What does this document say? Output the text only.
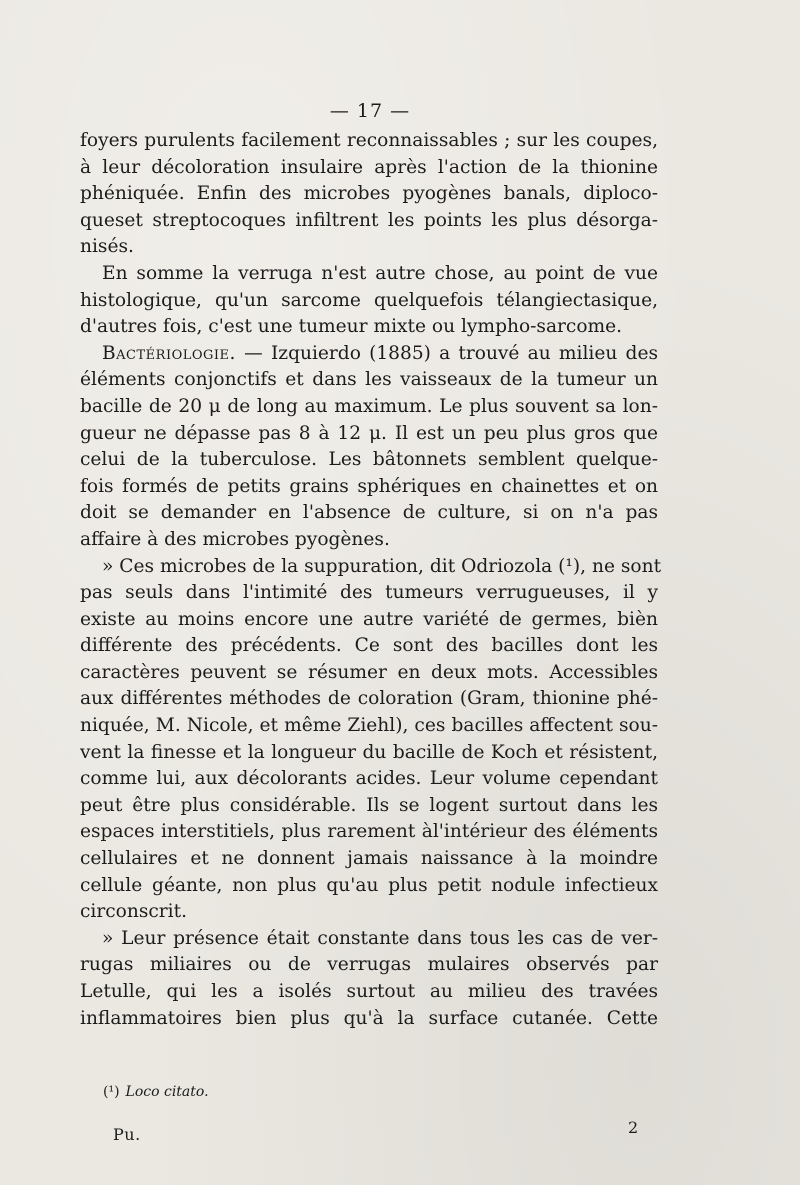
— 17 —
foyers purulents facilement reconnaissables ; sur les coupes,
à leur décoloration insulaire après l'action de la thionine
phéniquée. Enfin des microbes pyogènes banals, diploco-
queset streptocoques infiltrent les points les plus désorga-
nisés.
En somme la verruga n'est autre chose, au point de vue
histologique, qu'un sarcome quelquefois télangiectasique,
d'autres fois, c'est une tumeur mixte ou lympho-sarcome.
Bactériologie. — Izquierdo (1885) a trouvé au milieu des
éléments conjonctifs et dans les vaisseaux de la tumeur un
bacille de 20 μ de long au maximum. Le plus souvent sa lon-
gueur ne dépasse pas 8 à 12 μ. Il est un peu plus gros que
celui de la tuberculose. Les bâtonnets semblent quelque-
fois formés de petits grains sphériques en chainettes et on
doit se demander en l'absence de culture, si on n'a pas
affaire à des microbes pyogènes.
» Ces microbes de la suppuration, dit Odriozola (¹), ne sont
pas seuls dans l'intimité des tumeurs verrugueuses, il y
existe au moins encore une autre variété de germes, bièn
différente des précédents. Ce sont des bacilles dont les
caractères peuvent se résumer en deux mots. Accessibles
aux différentes méthodes de coloration (Gram, thionine phé-
niquée, M. Nicole, et même Ziehl), ces bacilles affectent sou-
vent la finesse et la longueur du bacille de Koch et résistent,
comme lui, aux décolorants acides. Leur volume cependant
peut être plus considérable. Ils se logent surtout dans les
espaces interstitiels, plus rarement àl'intérieur des éléments
cellulaires et ne donnent jamais naissance à la moindre
cellule géante, non plus qu'au plus petit nodule infectieux
circonscrit.
» Leur présence était constante dans tous les cas de ver-
rugas miliaires ou de verrugas mulaires observés par
Letulle, qui les a isolés surtout au milieu des travées
inflammatoires bien plus qu'à la surface cutanée. Cette
(¹) Loco citato.
Pu.	2
